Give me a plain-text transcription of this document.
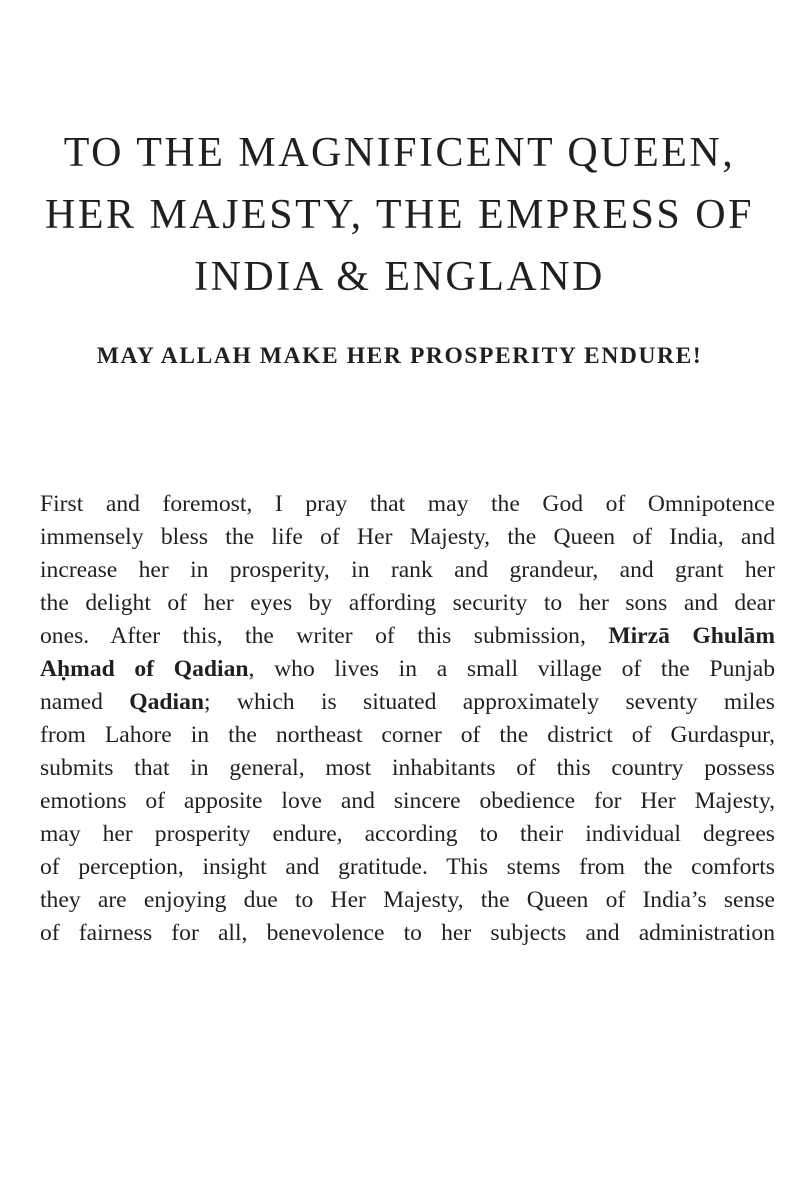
TO THE MAGNIFICENT QUEEN,
HER MAJESTY, THE EMPRESS OF
INDIA & ENGLAND
MAY ALLAH MAKE HER PROSPERITY ENDURE!

First and foremost, I pray that may the God of Omnipotence
immensely bless the life of Her Majesty, the Queen of India, and
increase her in prosperity, in rank and grandeur, and grant her
the delight of her eyes by affording security to her sons and dear
ones. After this, the writer of this submission, Mirzā Ghulām
Aḥmad of Qadian, who lives in a small village of the Punjab
named Qadian; which is situated approximately seventy miles
from Lahore in the northeast corner of the district of Gurdaspur,
submits that in general, most inhabitants of this country possess
emotions of apposite love and sincere obedience for Her Majesty,
may her prosperity endure, according to their individual degrees
of perception, insight and gratitude. This stems from the comforts
they are enjoying due to Her Majesty, the Queen of India’s sense
of fairness for all, benevolence to her subjects and administration
